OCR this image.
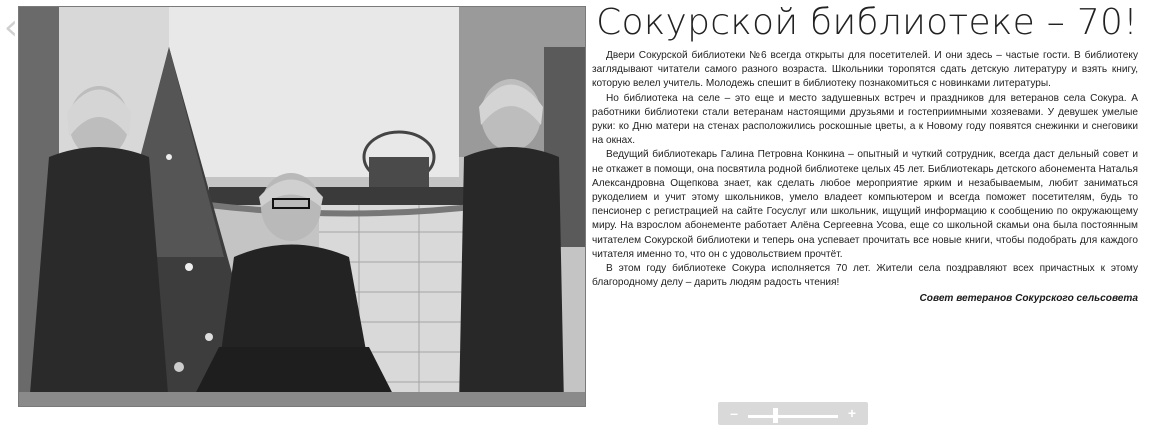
‹	Сокурской библиотеке – 70!

Двери Сокурской библиотеки №6 всегда открыты для посетителей. И они здесь – частые гости. В библиотеку заглядывают читатели самого разного возраста. Школьники торопятся сдать детскую литературу и взять книгу, которую велел учитель. Молодежь спешит в библиотеку познакомиться с новинками литературы.

Но библиотека на селе – это еще и место задушевных встреч и праздников для ветеранов села Сокура. А работники библиотеки стали ветеранам настоящими друзьями и гостеприимными хозяевами. У девушек умелые руки: ко Дню матери на стенах расположились роскошные цветы, а к Новому году появятся снежинки и снеговики на окнах.

Ведущий библиотекарь Галина Петровна Конкина – опытный и чуткий сотрудник, всегда даст дельный совет и не откажет в помощи, она посвятила родной библиотеке целых 45 лет. Библиотекарь детского абонемента Наталья Александровна Ощепкова знает, как сделать любое мероприятие ярким и незабываемым, любит заниматься рукоделием и учит этому школьников, умело владеет компьютером и всегда поможет посетителям, будь то пенсионер с регистрацией на сайте Госуслуг или школьник, ищущий информацию к сообщению по окружающему миру. На взрослом абонементе работает Алёна Сергеевна Усова, еще со школьной скамьи она была постоянным читателем Сокурской библиотеки и теперь она успевает прочитать все новые книги, чтобы подобрать для каждого читателя именно то, что он с удовольствием прочтёт.

В этом году библиотеке Сокура исполняется 70 лет. Жители села поздравляют всех причастных к этому благородному делу – дарить людям радость чтения!

Совет ветеранов Сокурского сельсовета
–	+
